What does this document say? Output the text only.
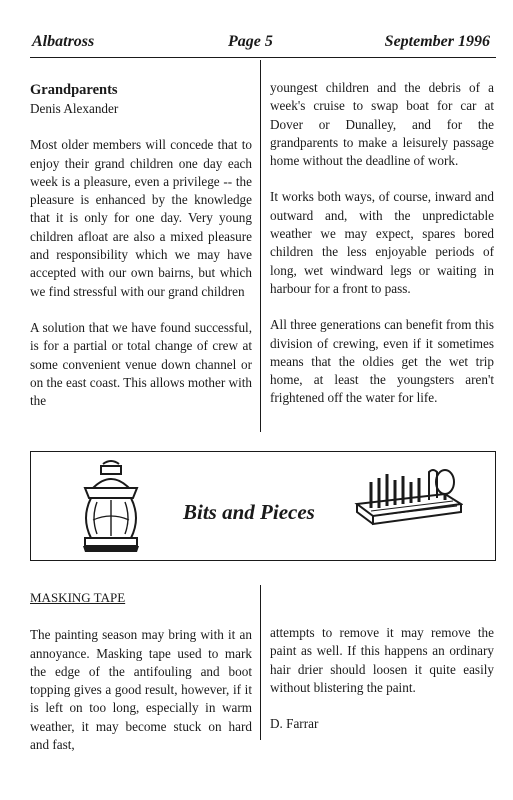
Albatross	Page 5	September 1996
Grandparents
Denis Alexander

Most older members will concede that to enjoy their grand children one day each week is a pleasure, even a privilege -- the pleasure is enhanced by the knowledge that it is only for one day. Very young children afloat are also a mixed pleasure and responsibility which we may have accepted with our own bairns, but which we find stressful with our grand children

A solution that we have found successful, is for a partial or total change of crew at some convenient venue down channel or on the east coast. This allows mother with the

youngest children and the debris of a week's cruise to swap boat for car at Dover or Dunalley, and for the grandparents to make a leisurely passage home without the deadline of work.

It works both ways, of course, inward and outward and, with the unpredictable weather we may expect, spares bored children the less enjoyable periods of long, wet windward legs or waiting in harbour for a front to pass.

All three generations can benefit from this division of crewing, even if it sometimes means that the oldies get the wet trip home, at least the youngsters aren't frightened off the water for life.

Bits and Pieces
MASKING TAPE

The painting season may bring with it an annoyance. Masking tape used to mark the edge of the antifouling and boot topping gives a good result, however, if it is left on too long, especially in warm weather, it may become stuck on hard and fast,

attempts to remove it may remove the paint as well. If this happens an ordinary hair drier should loosen it quite easily without blistering the paint.

D. Farrar
